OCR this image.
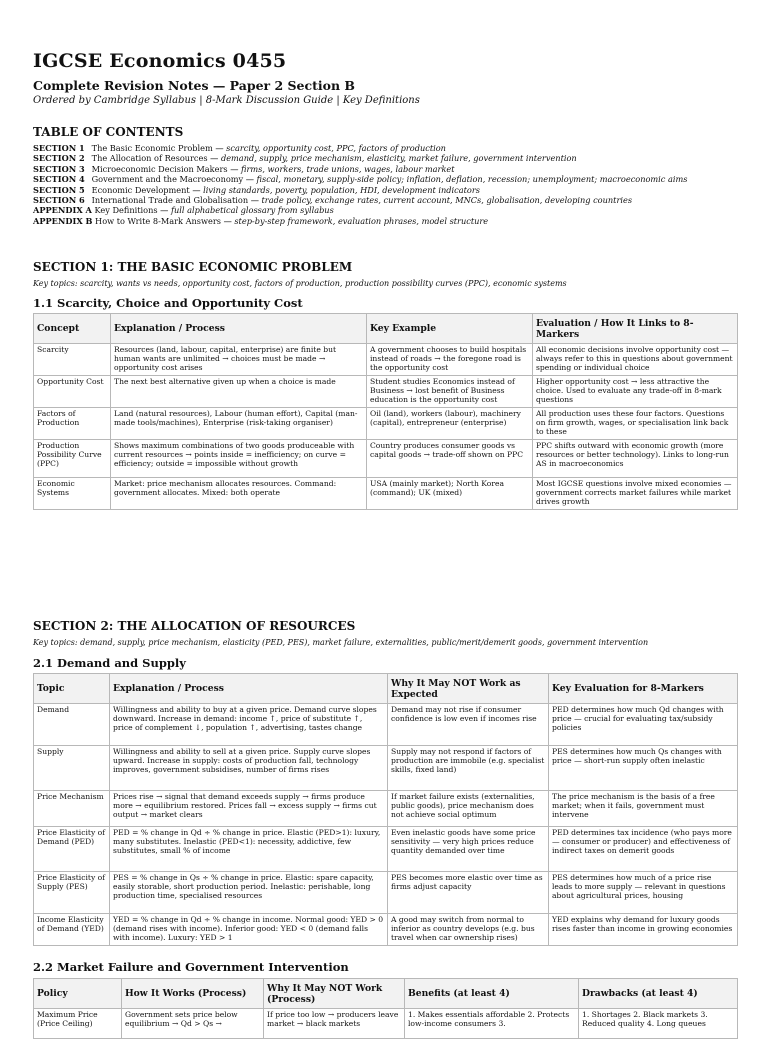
IGCSE Economics 0455
Complete Revision Notes — Paper 2 Section B
Ordered by Cambridge Syllabus | 8-Mark Discussion Guide | Key Definitions
TABLE OF CONTENTS
SECTION 1 The Basic Economic Problem — scarcity, opportunity cost, PPC, factors of production
SECTION 2 The Allocation of Resources — demand, supply, price mechanism, elasticity, market failure, government intervention
SECTION 3 Microeconomic Decision Makers — firms, workers, trade unions, wages, labour market
SECTION 4 Government and the Macroeconomy — fiscal, monetary, supply-side policy; inflation, deflation, recession; unemployment; macroeconomic aims
SECTION 5 Economic Development — living standards, poverty, population, HDI, development indicators
SECTION 6 International Trade and Globalisation — trade policy, exchange rates, current account, MNCs, globalisation, developing countries
APPENDIX A Key Definitions — full alphabetical glossary from syllabus
APPENDIX B How to Write 8-Mark Answers — step-by-step framework, evaluation phrases, model structure
SECTION 1: THE BASIC ECONOMIC PROBLEM
Key topics: scarcity, wants vs needs, opportunity cost, factors of production, production possibility curves (PPC), economic systems
1.1 Scarcity, Choice and Opportunity Cost
Concept	Explanation / Process	Key Example	Evaluation / How It Links to 8-Markers
Scarcity	Resources (land, labour, capital, enterprise) are finite but human wants are unlimited → choices must be made → opportunity cost arises	A government chooses to build hospitals instead of roads → the foregone road is the opportunity cost	All economic decisions involve opportunity cost — always refer to this in questions about government spending or individual choice
Opportunity Cost	The next best alternative given up when a choice is made	Student studies Economics instead of Business → lost benefit of Business education is the opportunity cost	Higher opportunity cost → less attractive the choice. Used to evaluate any trade-off in 8-mark questions
Factors of Production	Land (natural resources), Labour (human effort), Capital (man-made tools/machines), Enterprise (risk-taking organiser)	Oil (land), workers (labour), machinery (capital), entrepreneur (enterprise)	All production uses these four factors. Questions on firm growth, wages, or specialisation link back to these
Production Possibility Curve (PPC)	Shows maximum combinations of two goods produceable with current resources → points inside = inefficiency; on curve = efficiency; outside = impossible without growth	Country produces consumer goods vs capital goods → trade-off shown on PPC	PPC shifts outward with economic growth (more resources or better technology). Links to long-run AS in macroeconomics
Economic Systems	Market: price mechanism allocates resources. Command: government allocates. Mixed: both operate	USA (mainly market); North Korea (command); UK (mixed)	Most IGCSE questions involve mixed economies — government corrects market failures while market drives growth
SECTION 2: THE ALLOCATION OF RESOURCES
Key topics: demand, supply, price mechanism, elasticity (PED, PES), market failure, externalities, public/merit/demerit goods, government intervention
2.1 Demand and Supply
Topic	Explanation / Process	Why It May NOT Work as Expected	Key Evaluation for 8-Markers
Demand	Willingness and ability to buy at a given price. Demand curve slopes downward. Increase in demand: income ↑, price of substitute ↑, price of complement ↓, population ↑, advertising, tastes change	Demand may not rise if consumer confidence is low even if incomes rise	PED determines how much Qd changes with price — crucial for evaluating tax/subsidy policies
Supply	Willingness and ability to sell at a given price. Supply curve slopes upward. Increase in supply: costs of production fall, technology improves, government subsidises, number of firms rises	Supply may not respond if factors of production are immobile (e.g. specialist skills, fixed land)	PES determines how much Qs changes with price — short-run supply often inelastic
Price Mechanism	Prices rise → signal that demand exceeds supply → firms produce more → equilibrium restored. Prices fall → excess supply → firms cut output → market clears	If market failure exists (externalities, public goods), price mechanism does not achieve social optimum	The price mechanism is the basis of a free market; when it fails, government must intervene
Price Elasticity of Demand (PED)	PED = % change in Qd ÷ % change in price. Elastic (PED>1): luxury, many substitutes. Inelastic (PED<1): necessity, addictive, few substitutes, small % of income	Even inelastic goods have some price sensitivity — very high prices reduce quantity demanded over time	PED determines tax incidence (who pays more — consumer or producer) and effectiveness of indirect taxes on demerit goods
Price Elasticity of Supply (PES)	PES = % change in Qs ÷ % change in price. Elastic: spare capacity, easily storable, short production period. Inelastic: perishable, long production time, specialised resources	PES becomes more elastic over time as firms adjust capacity	PES determines how much of a price rise leads to more supply — relevant in questions about agricultural prices, housing
Income Elasticity of Demand (YED)	YED = % change in Qd ÷ % change in income. Normal good: YED > 0 (demand rises with income). Inferior good: YED < 0 (demand falls with income). Luxury: YED > 1	A good may switch from normal to inferior as country develops (e.g. bus travel when car ownership rises)	YED explains why demand for luxury goods rises faster than income in growing economies
2.2 Market Failure and Government Intervention
Policy	How It Works (Process)	Why It May NOT Work (Process)	Benefits (at least 4)	Drawbacks (at least 4)
Maximum Price (Price Ceiling)	Government sets price below equilibrium → Qd > Qs →	If price too low → producers leave market → black markets	1. Makes essentials affordable 2. Protects low-income consumers 3.	1. Shortages 2. Black markets 3. Reduced quality 4. Long queues
